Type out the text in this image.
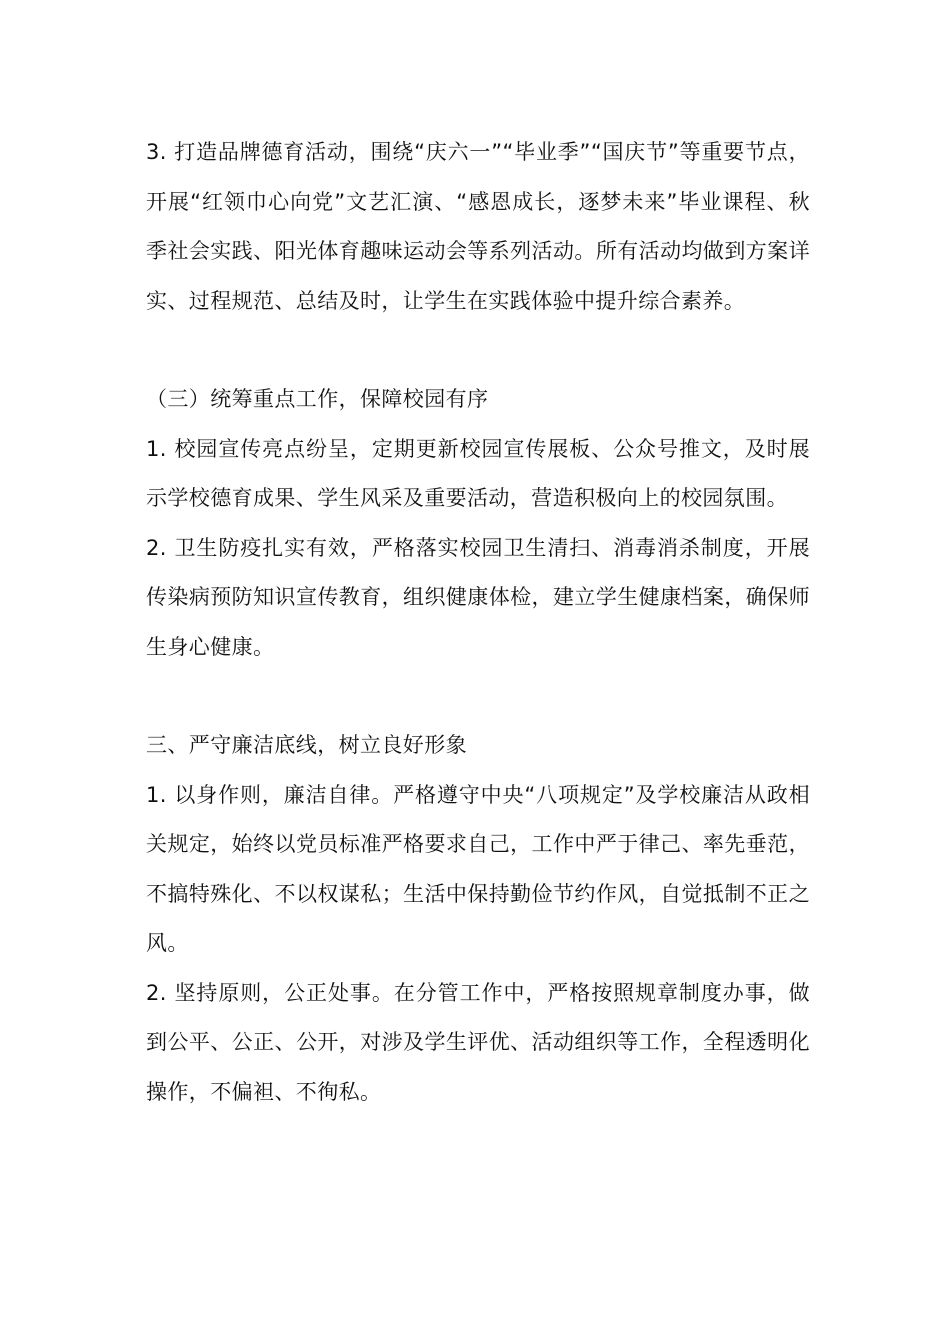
3. 打造品牌德育活动，围绕“庆六一”“毕业季”“国庆节”等重要节点，开展“红领巾心向党”文艺汇演、“感恩成长，逐梦未来”毕业课程、秋季社会实践、阳光体育趣味运动会等系列活动。所有活动均做到方案详实、过程规范、总结及时，让学生在实践体验中提升综合素养。

（三）统筹重点工作，保障校园有序

1. 校园宣传亮点纷呈，定期更新校园宣传展板、公众号推文，及时展示学校德育成果、学生风采及重要活动，营造积极向上的校园氛围。

2. 卫生防疫扎实有效，严格落实校园卫生清扫、消毒消杀制度，开展传染病预防知识宣传教育，组织健康体检，建立学生健康档案，确保师生身心健康。

三、严守廉洁底线，树立良好形象

1. 以身作则，廉洁自律。严格遵守中央“八项规定”及学校廉洁从政相关规定，始终以党员标准严格要求自己，工作中严于律己、率先垂范，不搞特殊化、不以权谋私；生活中保持勤俭节约作风，自觉抵制不正之风。

2. 坚持原则，公正处事。在分管工作中，严格按照规章制度办事，做到公平、公正、公开，对涉及学生评优、活动组织等工作，全程透明化操作，不偏袒、不徇私。
